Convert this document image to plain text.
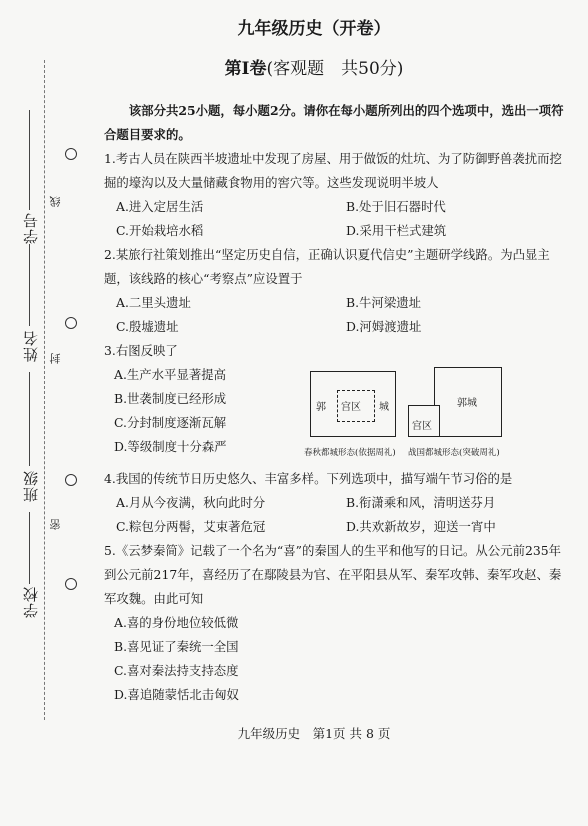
学号
线
姓名 封
班级
密
学校
九年级历史（开卷）
第Ⅰ卷(客观题　共50分)

该部分共25小题，每小题2分。请你在每小题所列出的四个选项中，选出一项符合题目要求的。

1.考古人员在陕西半坡遗址中发现了房屋、用于做饭的灶坑、为了防御野兽袭扰而挖掘的壕沟以及大量储藏食物用的窖穴等。这些发现说明半坡人

A.进入定居生活	B.处于旧石器时代
C.开始栽培水稻	D.采用干栏式建筑

2.某旅行社策划推出“坚定历史自信，正确认识夏代信史”主题研学线路。为凸显主题，该线路的核心“考察点”应设置于

A.二里头遗址	B.牛河梁遗址
C.殷墟遗址	D.河姆渡遗址

3.右图反映了

A.生产水平显著提高
B.世袭制度已经形成
C.分封制度逐渐瓦解
D.等级制度十分森严
郭 宫区 城	郭城
宫区
春秋都城形态(依据周礼) 战国都城形态(突破周礼)

4.我国的传统节日历史悠久、丰富多样。下列选项中，描写端午节习俗的是

A.月从今夜满，秋向此时分	B.衔潇乘和风，清明送芬月
C.粽包分两髻，艾束著危冠	D.共欢新故岁，迎送一宵中

5.《云梦秦简》记载了一个名为“喜”的秦国人的生平和他写的日记。从公元前235年到公元前217年，喜经历了在鄢陵县为官、在平阳县从军、秦军攻韩、秦军攻赵、秦军攻魏。由此可知

A.喜的身份地位较低微
B.喜见证了秦统一全国
C.喜对秦法持支持态度
D.喜追随蒙恬北击匈奴
九年级历史　第1页 共 8 页
